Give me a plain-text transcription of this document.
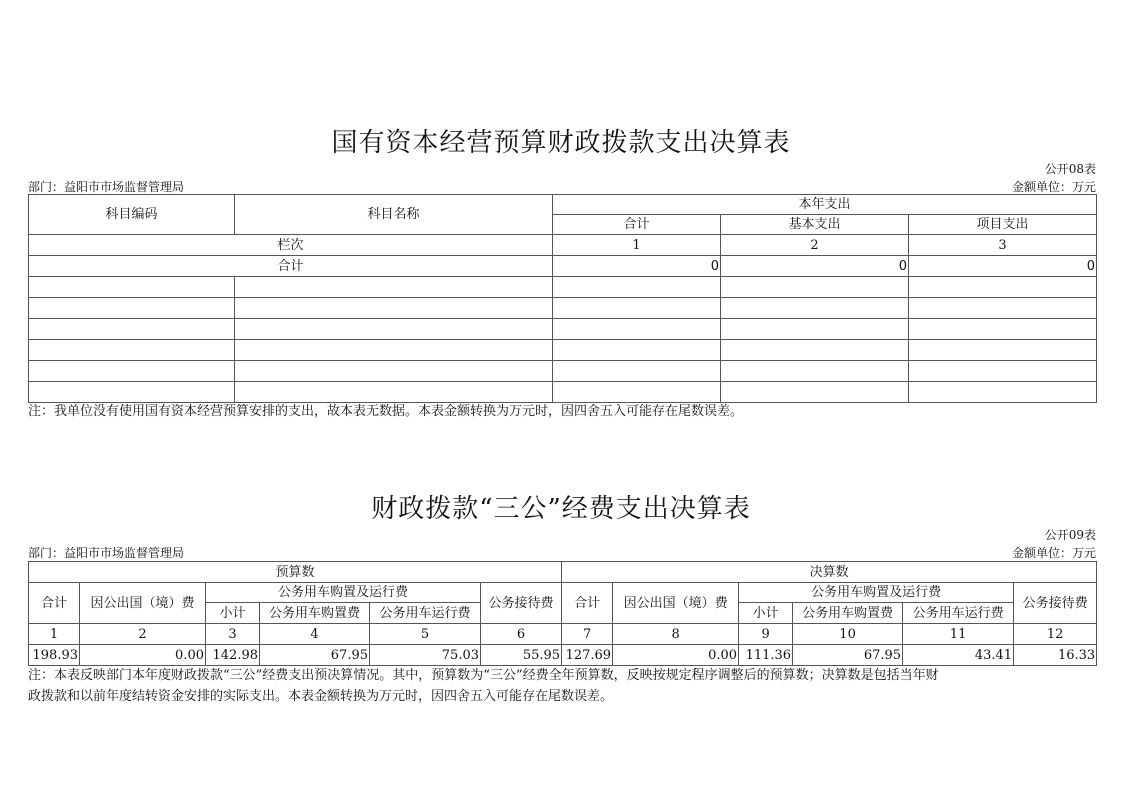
国有资本经营预算财政拨款支出决算表
公开08表
部门：益阳市市场监督管理局	金额单位：万元
科目编码	科目名称	本年支出		
		合计	基本支出	项目支出
栏次		1	2	3
合计		0	0	0

注：我单位没有使用国有资本经营预算安排的支出，故本表无数据。本表金额转换为万元时，因四舍五入可能存在尾数误差。
财政拨款“三公”经费支出决算表
公开09表
部门：益阳市市场监督管理局	金额单位：万元
预算数						决算数					
合计	因公出国（境）费	公务用车购置及运行费			公务接待费	合计	因公出国（境）费	公务用车购置及运行费			公务接待费
		小计	公务用车购置费	公务用车运行费				小计	公务用车购置费	公务用车运行费	
1	2	3	4	5	6	7	8	9	10	11	12
198.93	0.00	142.98	67.95	75.03	55.95	127.69	0.00	111.36	67.95	43.41	16.33
注：本表反映部门本年度财政拨款“三公”经费支出预决算情况。其中，预算数为“三公”经费全年预算数，反映按规定程序调整后的预算数；决算数是包括当年财
政拨款和以前年度结转资金安排的实际支出。本表金额转换为万元时，因四舍五入可能存在尾数误差。
